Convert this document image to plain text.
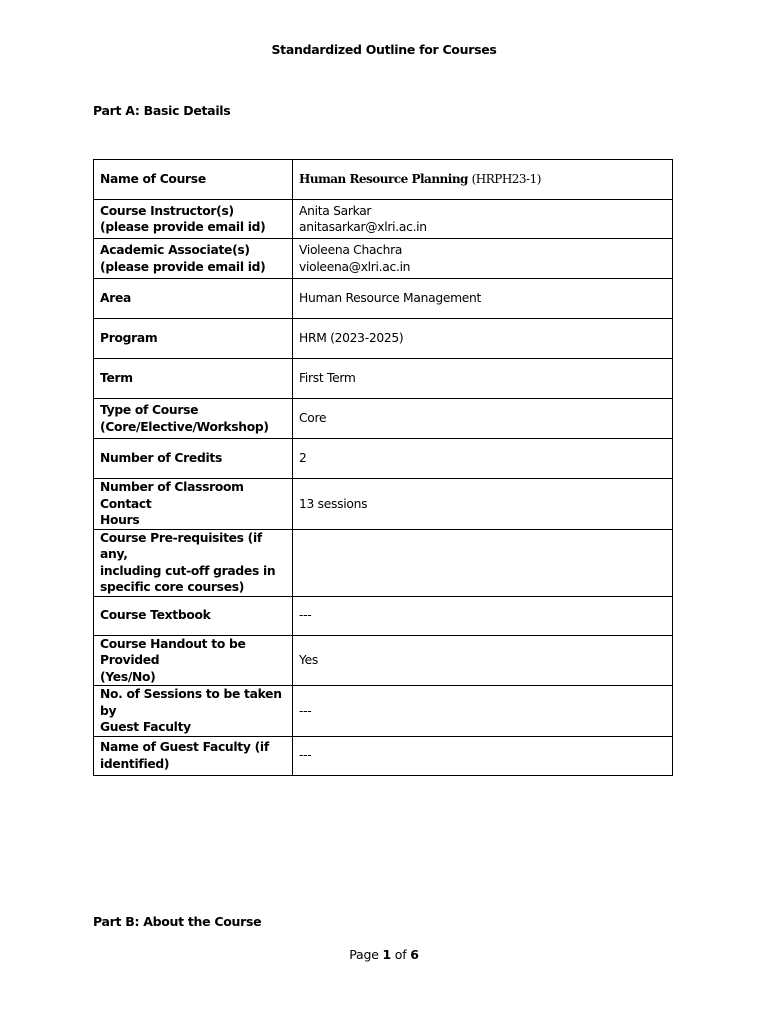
Standardized Outline for Courses
Part A: Basic Details
Name of Course	Human Resource Planning (HRPH23-1)

Course Instructor(s)
(please provide email id)	Anita Sarkar
anitasarkar@xlri.ac.in

Academic Associate(s)
(please provide email id)	Violeena Chachra
violeena@xlri.ac.in

Area	Human Resource Management

Program	HRM (2023-2025)

Term	First Term

Type of Course
(Core/Elective/Workshop)	Core

Number of Credits	2

Number of Classroom Contact
Hours	13 sessions

Course Pre-requisites (if any,
including cut-off grades in
specific core courses)	

Course Textbook	---

Course Handout to be Provided
(Yes/No)	Yes

No. of Sessions to be taken by
Guest Faculty	---

Name of Guest Faculty (if
identified)	---
Part B: About the Course
Page 1 of 6
